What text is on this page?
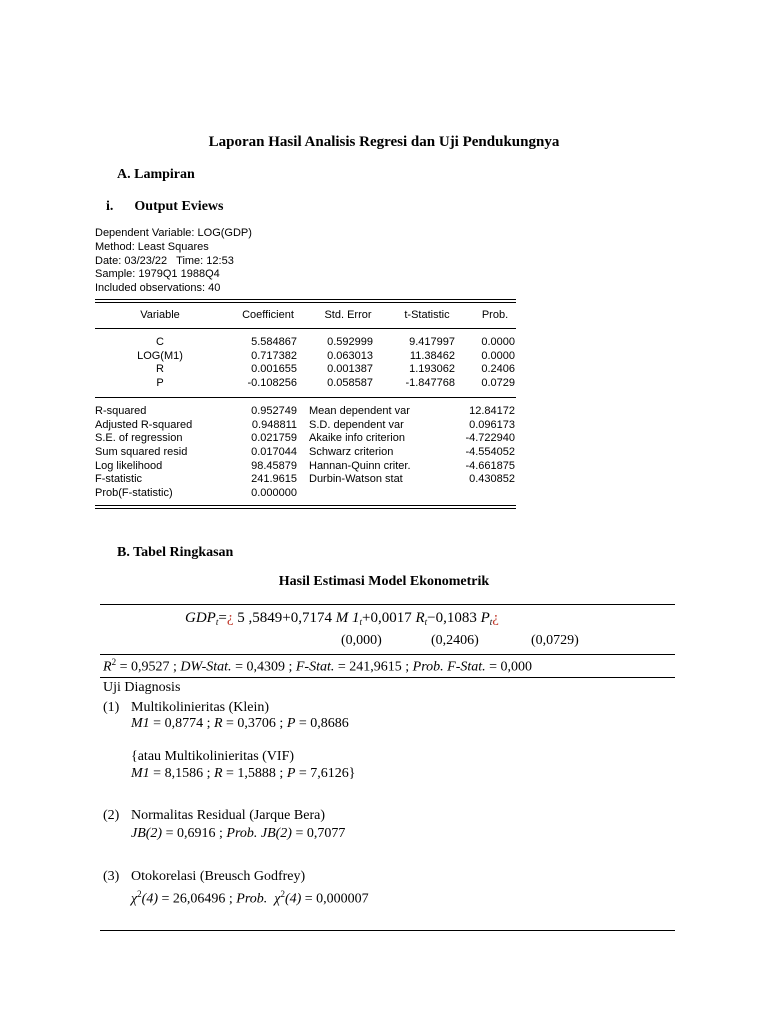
Laporan Hasil Analisis Regresi dan Uji Pendukungnya
A. Lampiran
i.      Output Eviews
Dependent Variable: LOG(GDP)
Method: Least Squares
Date: 03/23/22   Time: 12:53
Sample: 1979Q1 1988Q4
Included observations: 40
Variable	Coefficient	Std. Error	t-Statistic	Prob.
C	5.584867	0.592999	9.417997	0.0000
LOG(M1)	0.717382	0.063013	11.38462	0.0000
R	0.001655	0.001387	1.193062	0.2406
P	-0.108256	0.058587	-1.847768	0.0729
R-squared	0.952749 Mean dependent var	12.84172
Adjusted R-squared	0.948811 S.D. dependent var	0.096173
S.E. of regression	0.021759 Akaike info criterion	-4.722940
Sum squared resid	0.017044 Schwarz criterion	-4.554052
Log likelihood	98.45879 Hannan-Quinn criter.	-4.661875
F-statistic	241.9615 Durbin-Watson stat	0.430852
Prob(F-statistic)	0.000000
B. Tabel Ringkasan
Hasil Estimasi Model Ekonometrik
$GDP_t=¿$ 5 ,5849+0,7174 M $1_t+0,0017$ $R_t-0,1083$ $P_t¿$
(0,000)	(0,2406)	(0,0729)
$R^2 = 0,9527$ ; DW-Stat. = 0,4309 ; F-Stat. = 241,9615 ; Prob. F-Stat. = 0,000
Uji Diagnosis
(1) Multikolinieritas (Klein)
M1 = 0,8774 ; R = 0,3706 ; P = 0,8686
{atau Multikolinieritas (VIF)
M1 = 8,1586 ; R = 1,5888 ; P = 7,6126}
(2) Normalitas Residual (Jarque Bera)
JB(2) = 0,6916 ; Prob. JB(2) = 0,7077
(3) Otokorelasi (Breusch Godfrey)
$\chi^2(4) = 26,06496$ ; Prob.  $\chi^2(4) = 0,000007$
